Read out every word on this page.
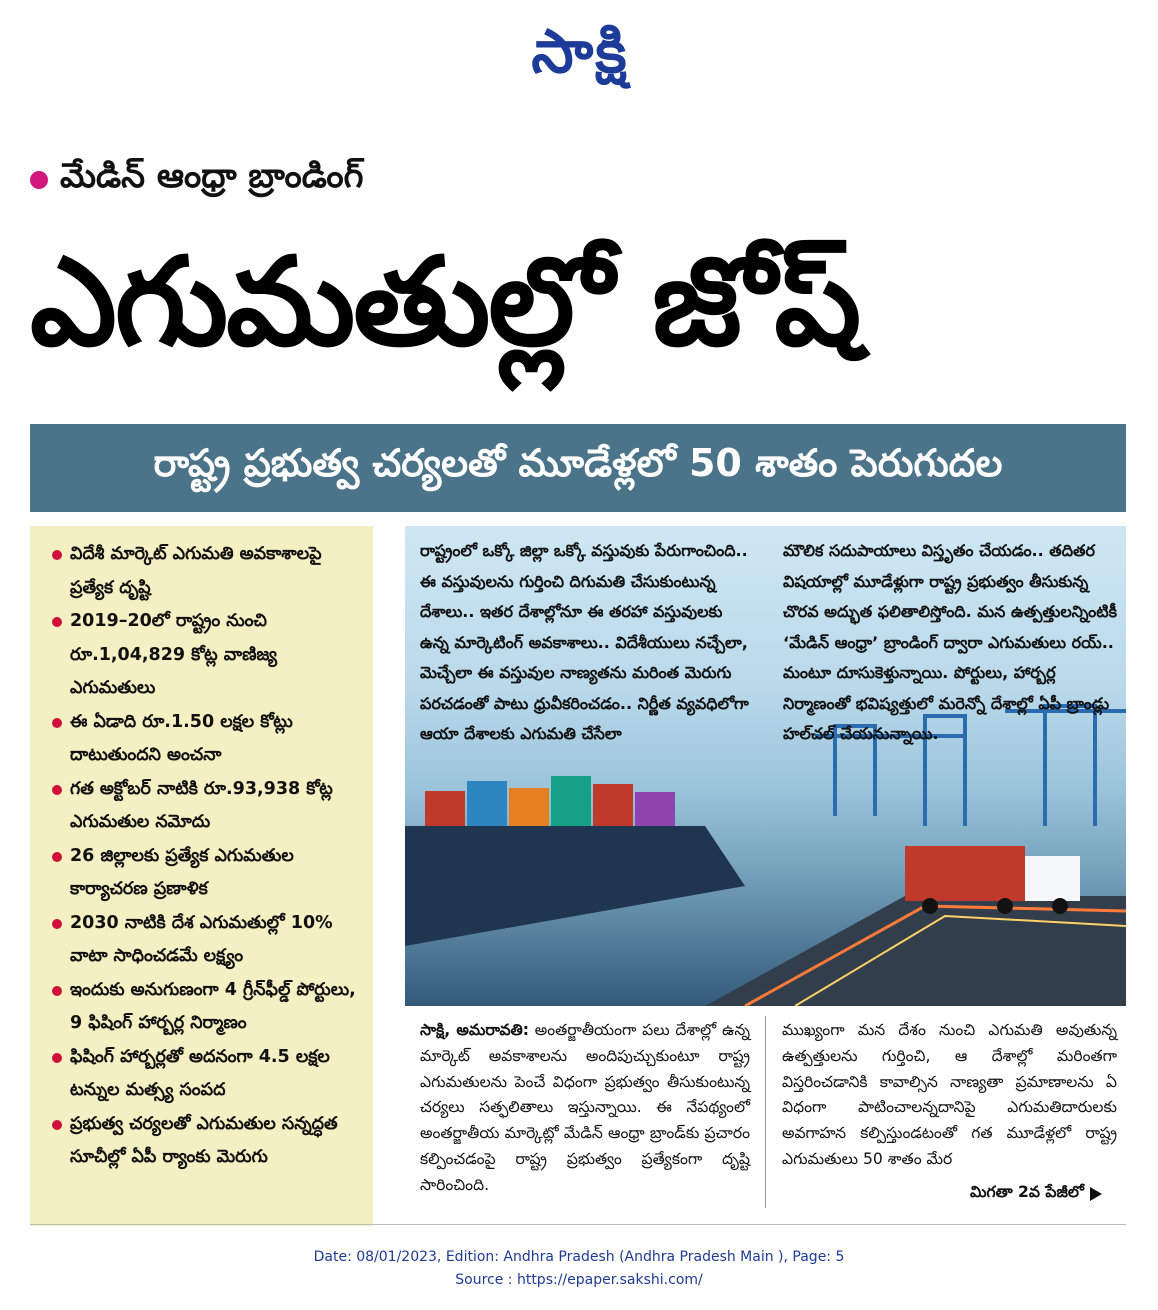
సాక్షి
మేడిన్ ఆంధ్రా బ్రాండింగ్
ఎగుమతుల్లో జోష్
రాష్ట్ర ప్రభుత్వ చర్యలతో మూడేళ్లలో 50 శాతం పెరుగుదల
విదేశీ మార్కెట్ ఎగుమతి అవకాశాలపై ప్రత్యేక దృష్టి
2019–20లో రాష్ట్రం నుంచి రూ.1,04,829 కోట్ల వాణిజ్య ఎగుమతులు
ఈ ఏడాది రూ.1.50 లక్షల కోట్లు దాటుతుందని అంచనా
గత అక్టోబర్ నాటికి రూ.93,938 కోట్ల ఎగుమతుల నమోదు
26 జిల్లాలకు ప్రత్యేక ఎగుమతుల కార్యాచరణ ప్రణాళిక
2030 నాటికి దేశ ఎగుమతుల్లో 10% వాటా సాధించడమే లక్ష్యం
ఇందుకు అనుగుణంగా 4 గ్రీన్‌ఫీల్డ్ పోర్టులు, 9 ఫిషింగ్ హార్బర్ల నిర్మాణం
ఫిషింగ్ హార్బర్లతో అదనంగా 4.5 లక్షల టన్నుల మత్స్య సంపద
ప్రభుత్వ చర్యలతో ఎగుమతుల సన్నద్ధత సూచీల్లో ఏపీ ర్యాంకు మెరుగు
రాష్ట్రంలో ఒక్కో జిల్లా ఒక్కో వస్తువుకు పేరుగాంచింది.. ఈ వస్తువులను గుర్తించి దిగుమతి చేసుకుంటున్న దేశాలు.. ఇతర దేశాల్లోనూ ఈ తరహా వస్తువులకు ఉన్న మార్కెటింగ్ అవకాశాలు.. విదేశీయులు నచ్చేలా, మెచ్చేలా ఈ వస్తువుల నాణ్యతను మరింత మెరుగు పరచడంతో పాటు ధ్రువీకరించడం.. నిర్ణీత వ్యవధిలోగా ఆయా దేశాలకు ఎగుమతి చేసేలా
మౌలిక సదుపాయాలు విస్తృతం చేయడం.. తదితర విషయాల్లో మూడేళ్లుగా రాష్ట్ర ప్రభుత్వం తీసుకున్న చొరవ అద్భుత ఫలితాలిస్తోంది. మన ఉత్పత్తులన్నింటికీ ‘మేడిన్ ఆంధ్రా’ బ్రాండింగ్ ద్వారా ఎగుమతులు రయ్.. మంటూ దూసుకెళ్తున్నాయి. పోర్టులు, హార్బర్ల నిర్మాణంతో భవిష్యత్తులో మరెన్నో దేశాల్లో ఏపీ బ్రాండ్లు హల్‌చల్ చేయనున్నాయి.
సాక్షి, అమరావతి: అంతర్జాతీయంగా పలు దేశాల్లో ఉన్న మార్కెట్ అవకాశాలను అందిపుచ్చుకుంటూ రాష్ట్ర ఎగుమతులను పెంచే విధంగా ప్రభుత్వం తీసుకుంటున్న చర్యలు సత్ఫలితాలు ఇస్తున్నాయి. ఈ నేపథ్యంలో అంతర్జాతీయ మార్కెట్లో మేడిన్ ఆంధ్రా బ్రాండ్‌కు ప్రచారం కల్పించడంపై రాష్ట్ర ప్రభుత్వం ప్రత్యేకంగా దృష్టి సారించింది.
ముఖ్యంగా మన దేశం నుంచి ఎగుమతి అవుతున్న ఉత్పత్తులను గుర్తించి, ఆ దేశాల్లో మరింతగా విస్తరించడానికి కావాల్సిన నాణ్యతా ప్రమాణాలను ఏ విధంగా పాటించాలన్నదానిపై ఎగుమతిదారులకు అవగాహన కల్పిస్తుండటంతో గత మూడేళ్లలో రాష్ట్ర ఎగుమతులు 50 శాతం మేర
మిగతా 2వ పేజీలో
Date: 08/01/2023, Edition: Andhra Pradesh (Andhra Pradesh Main ), Page: 5
Source : https://epaper.sakshi.com/
